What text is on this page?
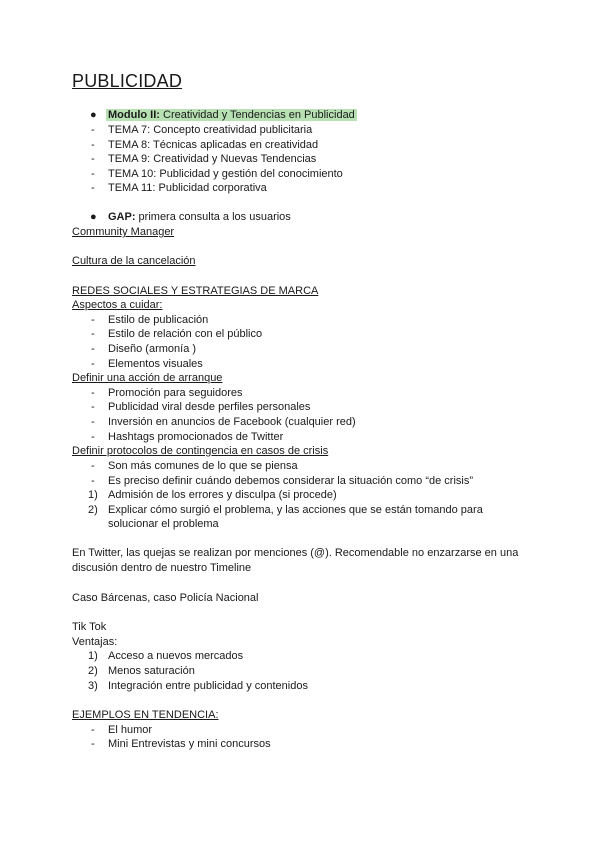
PUBLICIDAD
● Modulo II: Creatividad y Tendencias en Publicidad
- TEMA 7: Concepto creatividad publicitaria
- TEMA 8: Técnicas aplicadas en creatividad
- TEMA 9: Creatividad y Nuevas Tendencias
- TEMA 10: Publicidad y gestión del conocimiento
- TEMA 11: Publicidad corporativa
● GAP: primera consulta a los usuarios
Community Manager
Cultura de la cancelación
REDES SOCIALES Y ESTRATEGIAS DE MARCA
Aspectos a cuidar:
- Estilo de publicación
- Estilo de relación con el público
- Diseño (armonía )
- Elementos visuales
Definir una acción de arranque
- Promoción para seguidores
- Publicidad viral desde perfiles personales
- Inversión en anuncios de Facebook (cualquier red)
- Hashtags promocionados de Twitter
Definir protocolos de contingencia en casos de crisis
- Son más comunes de lo que se piensa
- Es preciso definir cuándo debemos considerar la situación como “de crisis”
1) Admisión de los errores y disculpa (si procede)
2) Explicar cómo surgió el problema, y las acciones que se están tomando para
solucionar el problema
En Twitter, las quejas se realizan por menciones (@). Recomendable no enzarzarse en una
discusión dentro de nuestro Timeline
Caso Bárcenas, caso Policía Nacional
Tik Tok
Ventajas:
1) Acceso a nuevos mercados
2) Menos saturación
3) Integración entre publicidad y contenidos
EJEMPLOS EN TENDENCIA:
- El humor
- Mini Entrevistas y mini concursos
